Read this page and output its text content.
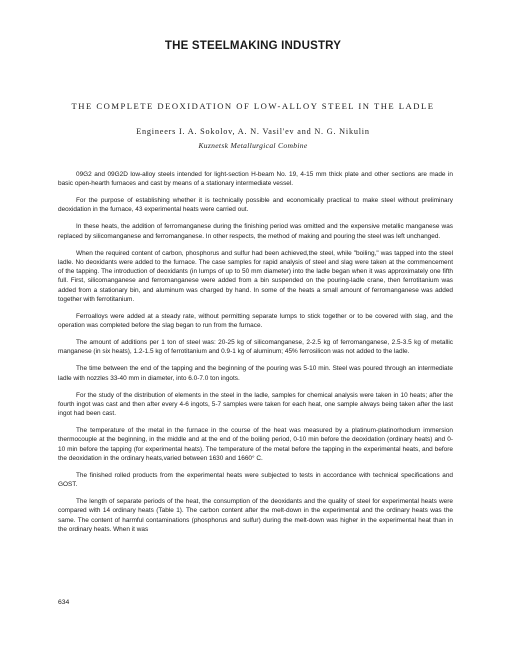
THE STEELMAKING INDUSTRY
THE COMPLETE DEOXIDATION OF LOW-ALLOY STEEL IN THE LADLE
Engineers I. A. Sokolov, A. N. Vasil'ev and N. G. Nikulin
Kuznetsk Metallurgical Combine

09G2 and 09G2D low-alloy steels intended for light-section H-beam No. 19, 4-15 mm thick plate and other sections are made in basic open-hearth furnaces and cast by means of a stationary intermediate vessel.

For the purpose of establishing whether it is technically possible and economically practical to make steel without preliminary deoxidation in the furnace, 43 experimental heats were carried out.

In these heats, the addition of ferromanganese during the finishing period was omitted and the expensive metallic manganese was replaced by silicomanganese and ferromanganese. In other respects, the method of making and pouring the steel was left unchanged.

When the required content of carbon, phosphorus and sulfur had been achieved,the steel, while "boiling," was tapped into the steel ladle. No deoxidants were added to the furnace. The case samples for rapid analysis of steel and slag were taken at the commencement of the tapping. The introduction of deoxidants (in lumps of up to 50 mm diameter) into the ladle began when it was approximately one fifth full. First, silicomanganese and ferromanganese were added from a bin suspended on the pouring-ladle crane, then ferrotitanium was added from a stationary bin, and aluminum was charged by hand. In some of the heats a small amount of ferromanganese was added together with ferrotitanium.

Ferroalloys were added at a steady rate, without permitting separate lumps to stick together or to be covered with slag, and the operation was completed before the slag began to run from the furnace.

The amount of additions per 1 ton of steel was: 20-25 kg of silicomanganese, 2-2.5 kg of ferromanganese, 2.5-3.5 kg of metallic manganese (in six heats), 1.2-1.5 kg of ferrotitanium and 0.9-1 kg of aluminum; 45% ferrosilicon was not added to the ladle.

The time between the end of the tapping and the beginning of the pouring was 5-10 min. Steel was poured through an intermediate ladle with nozzles 33-40 mm in diameter, into 6.0-7.0 ton ingots.

For the study of the distribution of elements in the steel in the ladle, samples for chemical analysis were taken in 10 heats; after the fourth ingot was cast and then after every 4-6 ingots, 5-7 samples were taken for each heat, one sample always being taken after the last ingot had been cast.

The temperature of the metal in the furnace in the course of the heat was measured by a platinum-platinorhodium immersion thermocouple at the beginning, in the middle and at the end of the boiling period, 0-10 min before the deoxidation (ordinary heats) and 0-10 min before the tapping (for experimental heats). The temperature of the metal before the tapping in the experimental heats, and before the deoxidation in the ordinary heats,varied between 1630 and 1660° C.

The finished rolled products from the experimental heats were subjected to tests in accordance with technical specifications and GOST.

The length of separate periods of the heat, the consumption of the deoxidants and the quality of steel for experimental heats were compared with 14 ordinary heats (Table 1). The carbon content after the melt-down in the experimental and the ordinary heats was the same. The content of harmful contaminations (phosphorus and sulfur) during the melt-down was higher in the experimental heat than in the ordinary heats. When it was

634
